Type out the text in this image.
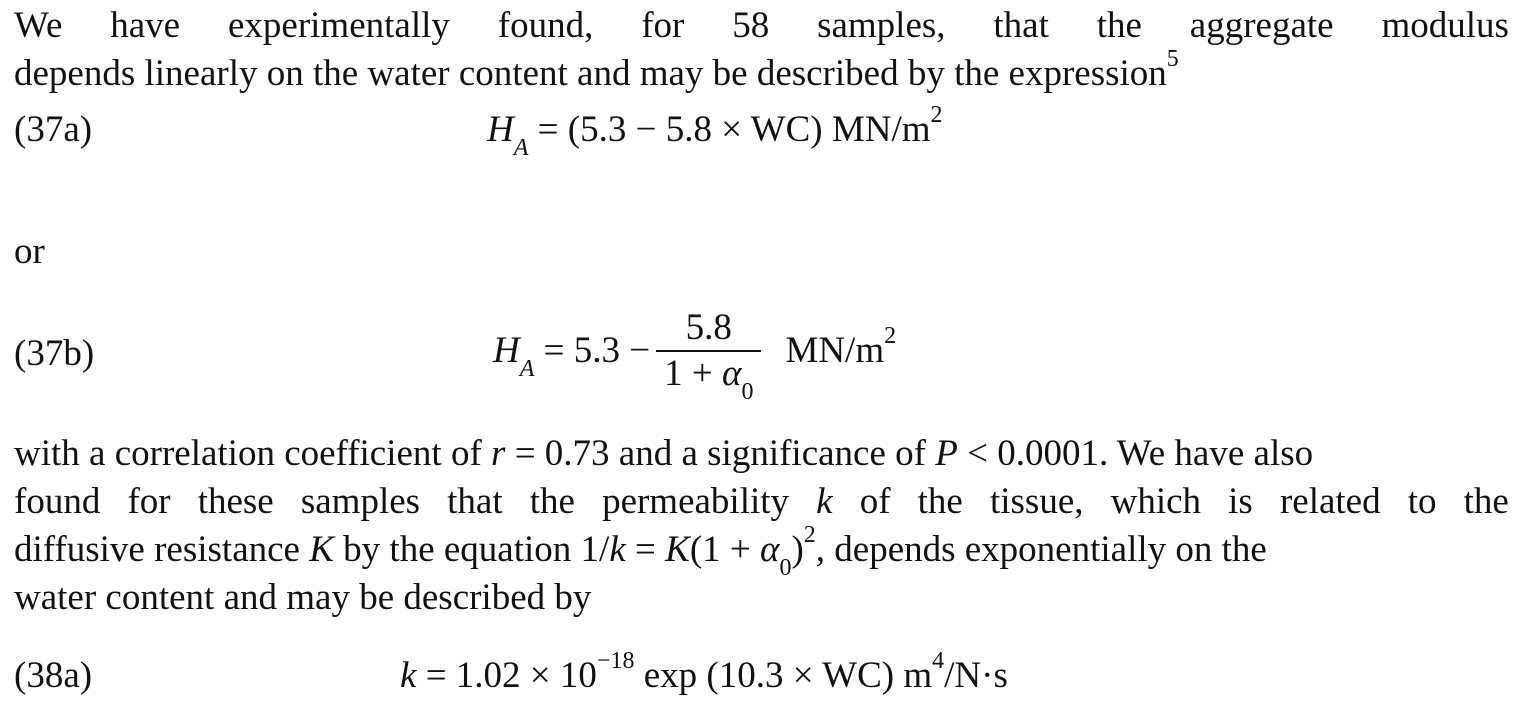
We have experimentally found, for 58 samples, that the aggregate modulus
depends linearly on the water content and may be described by the expression$^5$
(37a)	$H_A = (5.3 - 5.8 \times WC)$ $MN/m^2$
or
(37b)	$H_A = 5.3 - \frac{5.8}{1 + \alpha_0} MN/m^2$
with a correlation coefficient of r = 0.73 and a significance of P < 0.0001. We have also
found for these samples that the permeability k of the tissue, which is related to the
diffusive resistance K by the equation $1/k = K(1 + \alpha_0)^2$, depends exponentially on the
water content and may be described by
(38a)	$k = 1.02 \times 10^{-18}$ exp (10.3 × WC) $m^4/N\cdot s$
